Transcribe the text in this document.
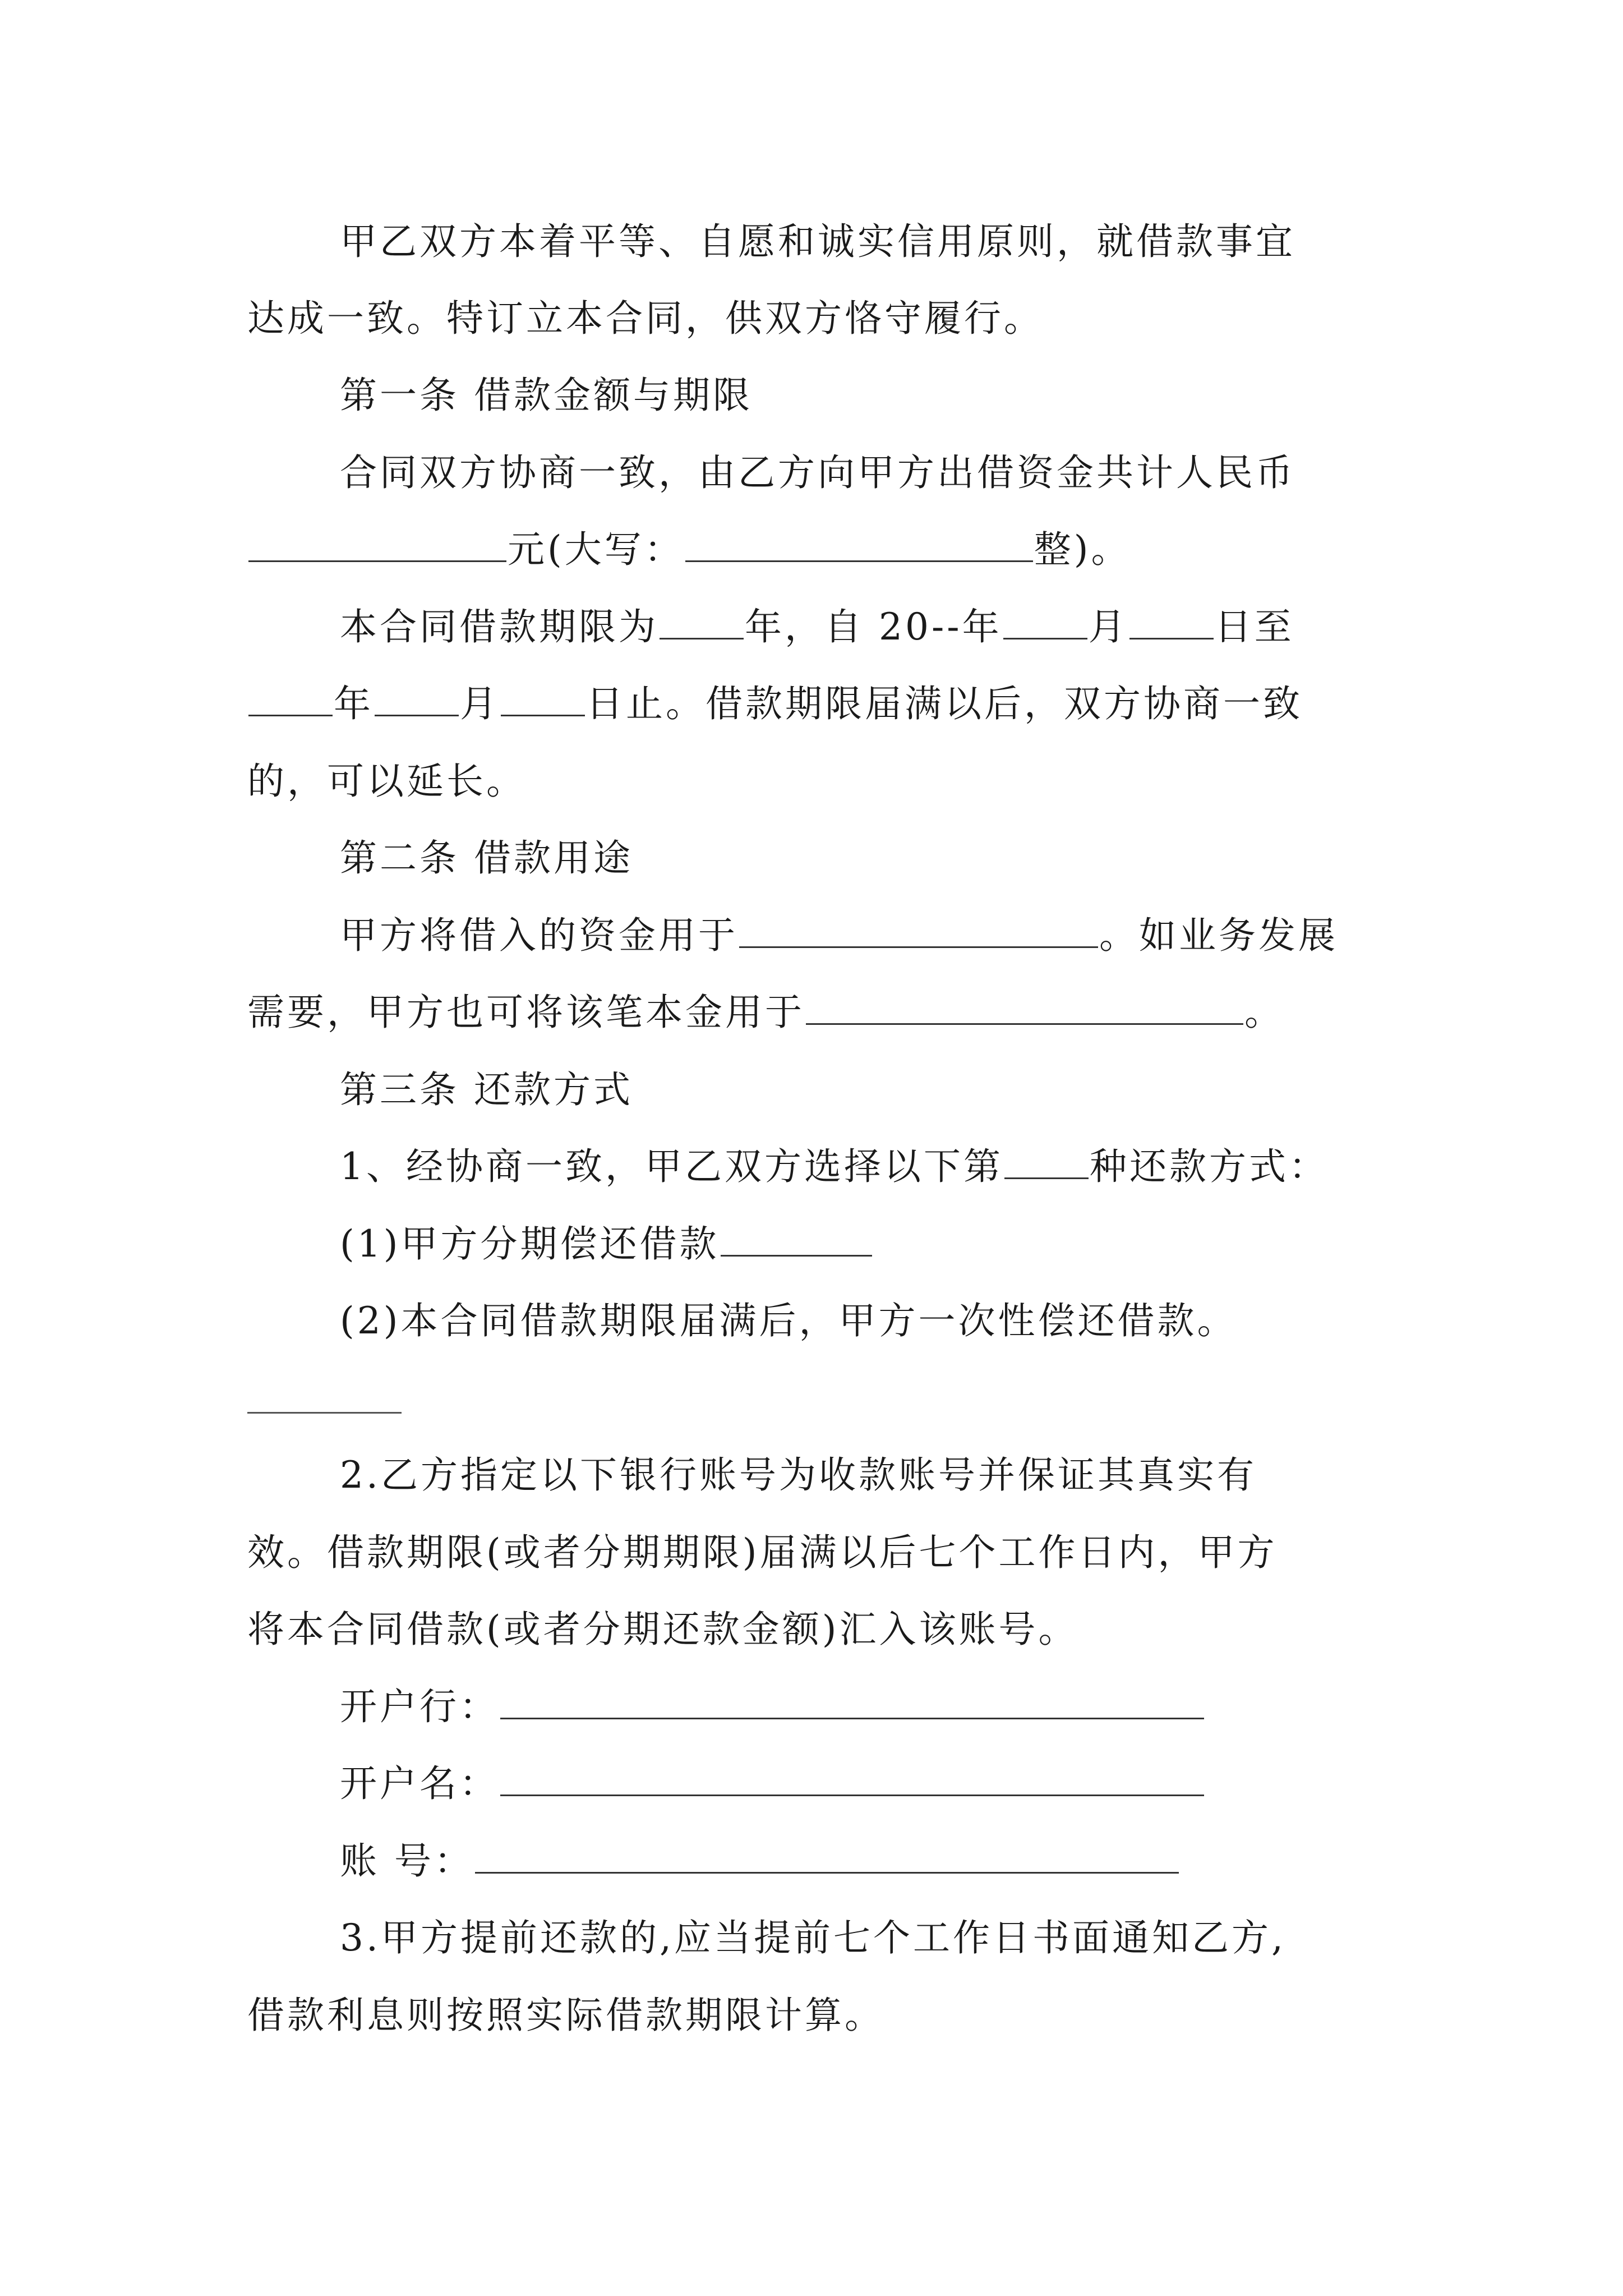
甲乙双方本着平等、自愿和诚实信用原则，就借款事宜
达成一致。特订立本合同，供双方恪守履行。
第一条 借款金额与期限
合同双方协商一致，由乙方向甲方出借资金共计人民币
元(大写：	整)。
本合同借款期限为 年，自 20--年 月 日至
年 月 日止。借款期限届满以后，双方协商一致
的，可以延长。
第二条 借款用途
甲方将借入的资金用于	。如业务发展
需要，甲方也可将该笔本金用于	。
第三条 还款方式
1、经协商一致，甲乙双方选择以下第 种还款方式：
(1)甲方分期偿还借款
(2)本合同借款期限届满后，甲方一次性偿还借款。
2.乙方指定以下银行账号为收款账号并保证其真实有
效。借款期限(或者分期期限)届满以后七个工作日内，甲方
将本合同借款(或者分期还款金额)汇入该账号。
开户行：
开户名：
账 号：
3.甲方提前还款的,应当提前七个工作日书面通知乙方,
借款利息则按照实际借款期限计算。
